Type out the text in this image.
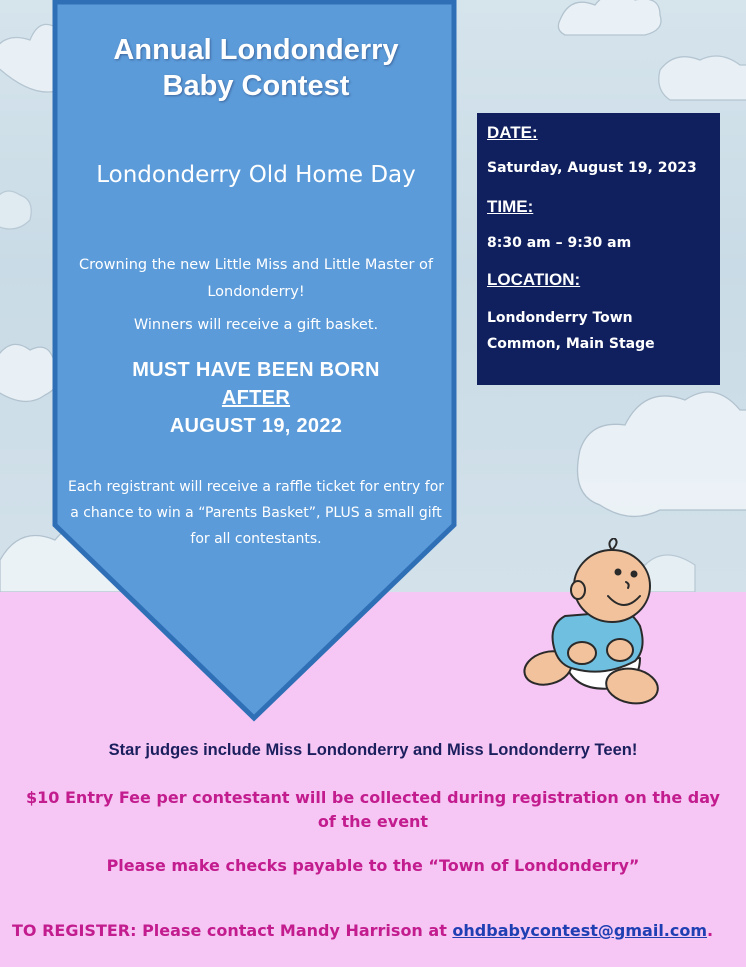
Annual Londonderry
Baby Contest
Londonderry Old Home Day
Crowning the new Little Miss and Little Master of Londonderry!
Winners will receive a gift basket.
MUST HAVE BEEN BORN
AFTER
AUGUST 19, 2022
Each registrant will receive a raffle ticket for entry for a chance to win a “Parents Basket”, PLUS a small gift for all contestants.
DATE:
Saturday, August 19, 2023
TIME:
8:30 am – 9:30 am
LOCATION:
Londonderry Town Common, Main Stage
Star judges include Miss Londonderry and Miss Londonderry Teen!
$10 Entry Fee per contestant will be collected during registration on the day of the event
Please make checks payable to the “Town of Londonderry”
TO REGISTER: Please contact Mandy Harrison at ohdbabycontest@gmail.com.
